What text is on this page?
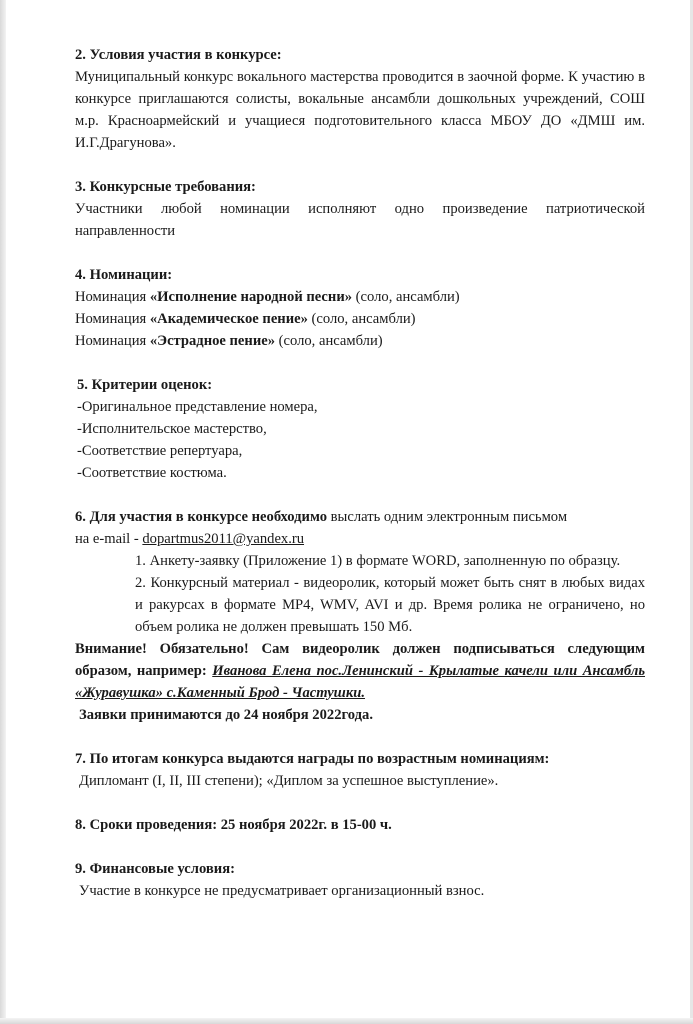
2. Условия участия в конкурсе:

Муниципальный конкурс вокального мастерства проводится в заочной форме. К участию в конкурсе приглашаются солисты, вокальные ансамбли дошкольных учреждений, СОШ м.р. Красноармейский и учащиеся подготовительного класса МБОУ ДО «ДМШ им. И.Г.Драгунова».

3. Конкурсные требования:

Участники любой номинации исполняют одно произведение патриотической направленности

4. Номинации:
Номинация «Исполнение народной песни» (соло, ансамбли)
Номинация «Академическое пение» (соло, ансамбли)
Номинация «Эстрадное пение» (соло, ансамбли)
5. Критерии оценок:
-Оригинальное представление номера,
-Исполнительское мастерство,
-Соответствие репертуара,
-Соответствие костюма.

6. Для участия в конкурсе необходимо выслать одним электронным письмом

на e-mail - dopartmus2011@yandex.ru
1. Анкету-заявку (Приложение 1) в формате WORD, заполненную по образцу.
2. Конкурсный материал - видеоролик, который может быть снят в любых видах и ракурсах в формате MP4, WMV, AVI и др. Время ролика не ограничено, но объем ролика не должен превышать 150 Мб.

Внимание! Обязательно! Сам видеоролик должен подписываться следующим образом, например: Иванова Елена пос.Ленинский - Крылатые качели или Ансамбль «Журавушка» с.Каменный Брод - Частушки.

Заявки принимаются до 24 ноября 2022года.
7. По итогам конкурса выдаются награды по возрастным номинациям:
Дипломант (I, II, III степени); «Диплом за успешное выступление».
8. Сроки проведения: 25 ноября 2022г. в 15-00 ч.
9. Финансовые условия:
Участие в конкурсе не предусматривает организационный взнос.
